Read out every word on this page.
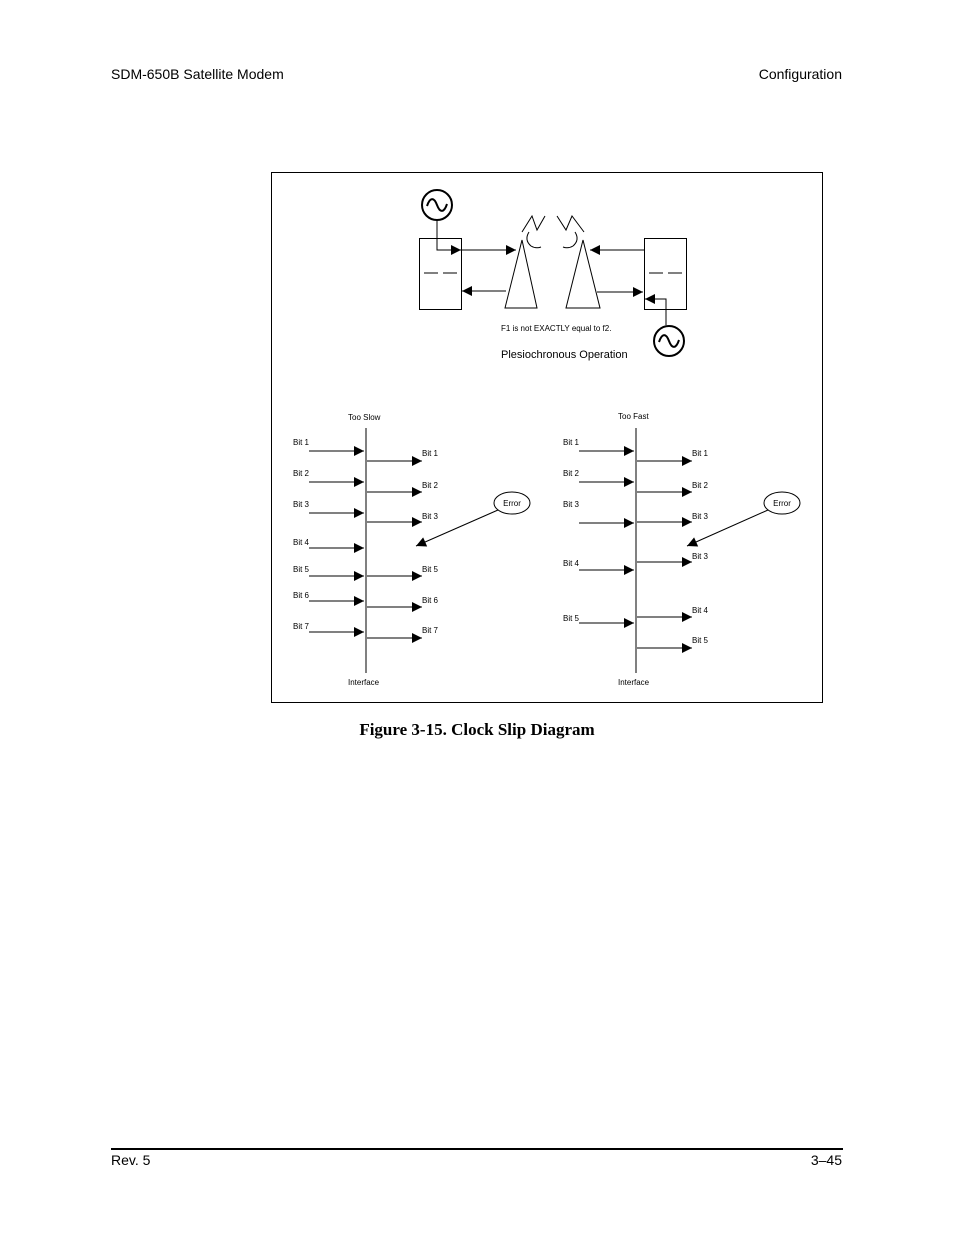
SDM-650B Satellite Modem	Configuration
F1 is not EXACTLY equal to f2.
Plesiochronous Operation
Too Slow
Interface
Bit 1
Bit 2
Bit 3
Bit 4
Bit 5
Bit 6
Bit 7
Bit 1
Bit 2
Bit 3
Bit 5
Bit 6
Bit 7
Error
Too Fast
Interface
Bit 1
Bit 2
Bit 3
Bit 4
Bit 5
Bit 1
Bit 2
Bit 3
Bit 3
Bit 4
Bit 5
Error
Figure 3-15. Clock Slip Diagram
Rev. 5	3–45
